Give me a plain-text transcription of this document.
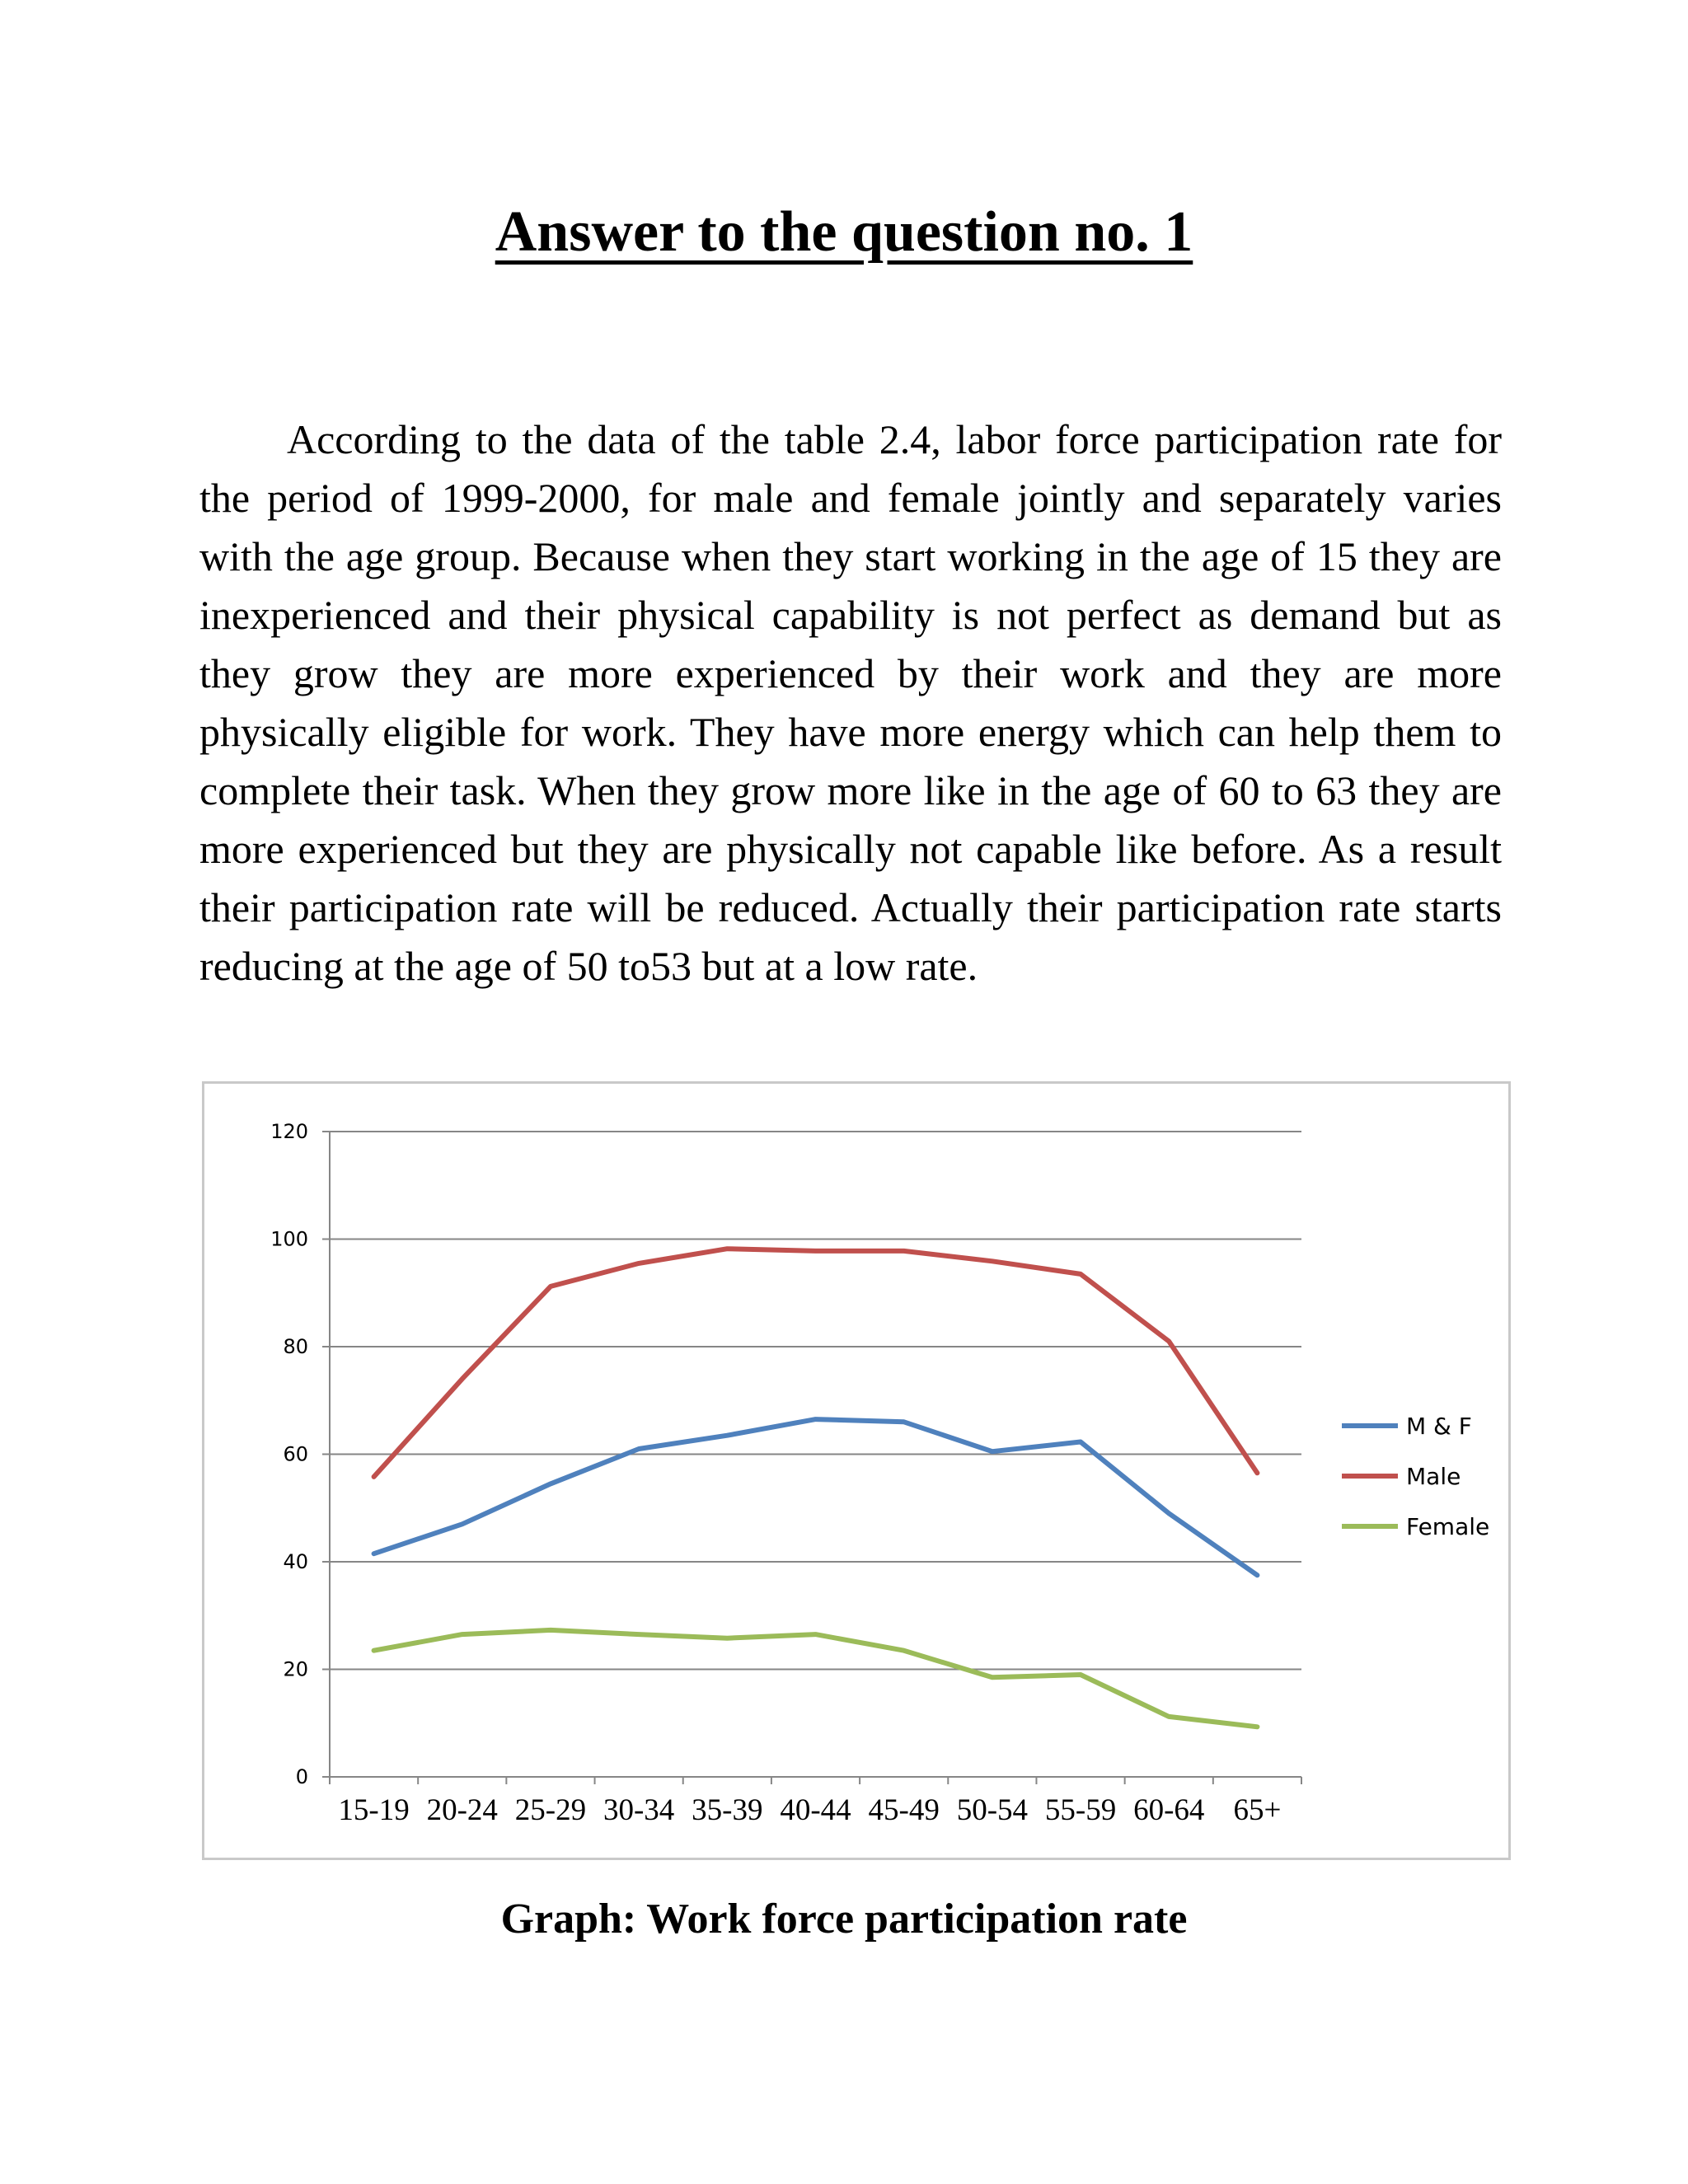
Answer to the question no. 1

According to the data of the table 2.4, labor force participation rate for the period of 1999-2000, for male and female jointly and separately varies with the age group. Because when they start working in the age of 15 they are inexperienced and their physical capability is not perfect as demand but as they grow they are more experienced by their work and they are more physically eligible for work. They have more energy which can help them to complete their task. When they grow more like in the age of 60 to 63 they are more experienced but they are physically not capable like before. As a result their participation rate will be reduced. Actually their participation rate starts reducing at the age of 50 to53 but at a low rate.

0
20
40
60
80
100
120
15-19 20-24 25-29 30-34 35-39 40-44 45-49 50-54 55-59 60-64 65+
M & F
Male
Female
Graph: Work force participation rate
